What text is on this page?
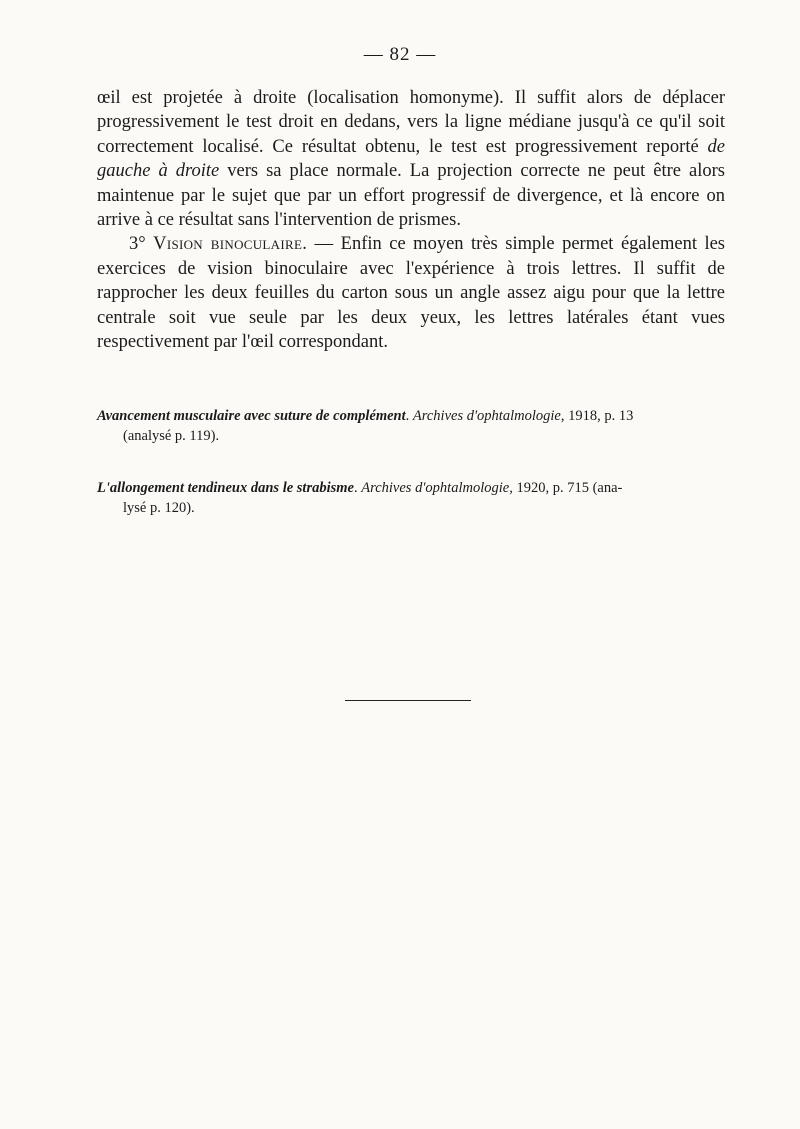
— 82 —

œil est projetée à droite (localisation homonyme). Il suffit alors de déplacer progressivement le test droit en dedans, vers la ligne médiane jusqu'à ce qu'il soit correctement localisé. Ce résultat obtenu, le test est progressivement reporté de gauche à droite vers sa place normale. La projection correcte ne peut être alors maintenue par le sujet que par un effort progressif de divergence, et là encore on arrive à ce résultat sans l'intervention de prismes.

3° Vision binoculaire. — Enfin ce moyen très simple permet également les exercices de vision binoculaire avec l'expérience à trois lettres. Il suffit de rapprocher les deux feuilles du carton sous un angle assez aigu pour que la lettre centrale soit vue seule par les deux yeux, les lettres latérales étant vues respectivement par l'œil correspondant.

Avancement musculaire avec suture de complément. Archives d'ophtalmologie, 1918, p. 13

(analysé p. 119).

L'allongement tendineux dans le strabisme. Archives d'ophtalmologie, 1920, p. 715 (ana-

lysé p. 120).
